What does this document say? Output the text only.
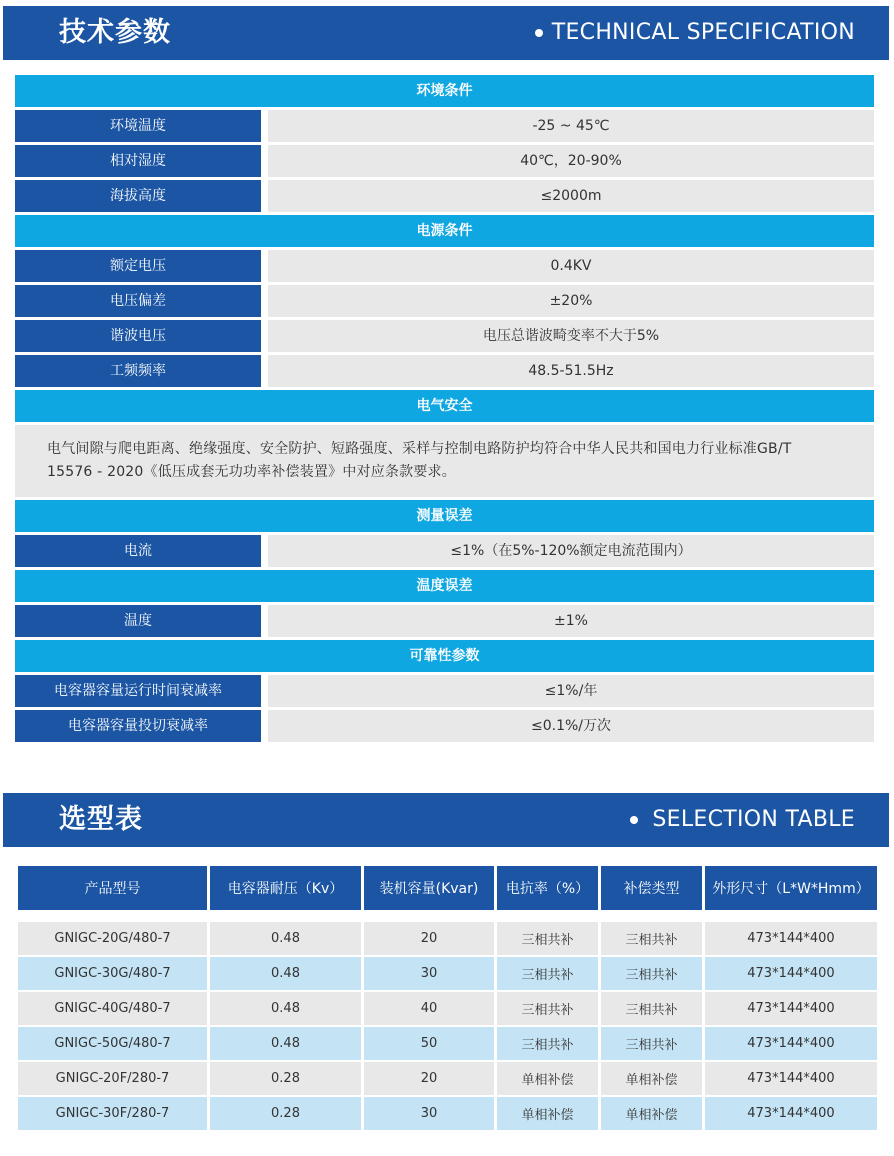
技术参数	TECHNICAL SPECIFICATION
环境条件
环境温度	-25 ~ 45℃
相对湿度	40℃，20-90%
海拔高度	≤2000m
电源条件
额定电压	0.4KV
电压偏差	±20%
谐波电压	电压总谐波畸变率不大于5%
工频频率	48.5-51.5Hz
电气安全
电气间隙与爬电距离、绝缘强度、安全防护、短路强度、采样与控制电路防护均符合中华人民共和国电力行业标准GB/T
15576 - 2020《低压成套无功功率补偿装置》中对应条款要求。
测量误差
电流	≤1%（在5%-120%额定电流范围内）
温度误差
温度	±1%
可靠性参数
电容器容量运行时间衰减率	≤1%/年
电容器容量投切衰减率	≤0.1%/万次
选型表	SELECTION TABLE
产品型号	电容器耐压（Kv）	装机容量(Kvar)	电抗率（%）	补偿类型	外形尺寸（L*W*Hmm）

GNIGC-20G/480-7	0.48	20	三相共补	三相共补	473*144*400
GNIGC-30G/480-7	0.48	30	三相共补	三相共补	473*144*400
GNIGC-40G/480-7	0.48	40	三相共补	三相共补	473*144*400
GNIGC-50G/480-7	0.48	50	三相共补	三相共补	473*144*400
GNIGC-20F/280-7	0.28	20	单相补偿	单相补偿	473*144*400
GNIGC-30F/280-7	0.28	30	单相补偿	单相补偿	473*144*400
